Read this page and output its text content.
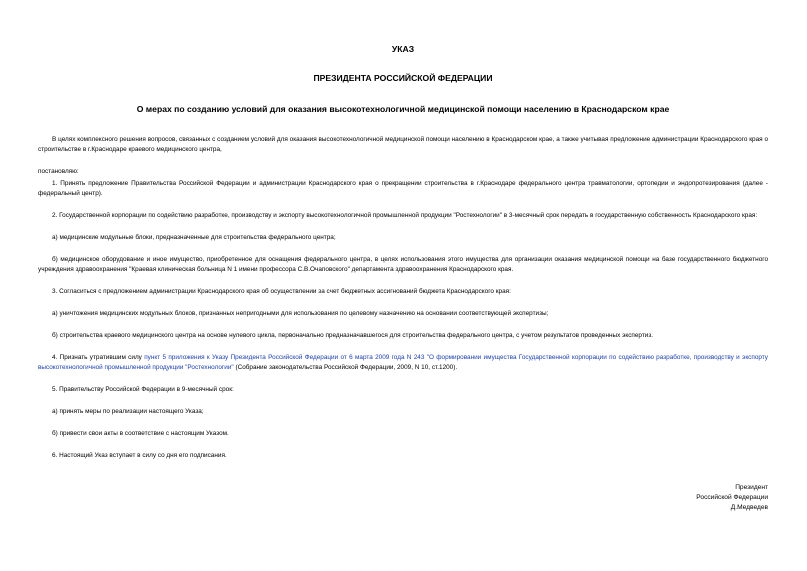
УКАЗ

ПРЕЗИДЕНТА РОССИЙСКОЙ ФЕДЕРАЦИИ

О мерах по созданию условий для оказания высокотехнологичной медицинской помощи населению в Краснодарском крае

В целях комплексного решения вопросов, связанных с созданием условий для оказания высокотехнологичной медицинской помощи населению в Краснодарском крае, а также учитывая предложение администрации Краснодарского края о строительстве в г.Краснодаре краевого медицинского центра,

постановляю:

1. Принять предложение Правительства Российской Федерации и администрации Краснодарского края о прекращении строительства в г.Краснодаре федерального центра травматологии, ортопедии и эндопротезирования (далее - федеральный центр).

2. Государственной корпорации по содействию разработке, производству и экспорту высокотехнологичной промышленной продукции "Ростехнологии" в 3-месячный срок передать в государственную собственность Краснодарского края:

а) медицинские модульные блоки, предназначенные для строительства федерального центра;

б) медицинское оборудование и иное имущество, приобретенное для оснащения федерального центра, в целях использования этого имущества для организации оказания медицинской помощи на базе государственного бюджетного учреждения здравоохранения "Краевая клиническая больница N 1 имени профессора С.В.Очаповского" департамента здравоохранения Краснодарского края.

3. Согласиться с предложением администрации Краснодарского края об осуществлении за счет бюджетных ассигнований бюджета Краснодарского края:

а) уничтожения медицинских модульных блоков, признанных непригодными для использования по целевому назначению на основании соответствующей экспертизы;

б) строительства краевого медицинского центра на основе нулевого цикла, первоначально предназначавшегося для строительства федерального центра, с учетом результатов проведенных экспертиз.

4. Признать утратившим силу пункт 5 приложения к Указу Президента Российской Федерации от 6 марта 2009 года N 243 "О формировании имущества Государственной корпорации по содействию разработке, производству и экспорту высокотехнологичной промышленной продукции "Ростехнологии" (Собрание законодательства Российской Федерации, 2009, N 10, ст.1200).

5. Правительству Российской Федерации в 9-месячный срок:

а) принять меры по реализации настоящего Указа;

б) привести свои акты в соответствие с настоящим Указом.

6. Настоящий Указ вступает в силу со дня его подписания.

Президент
Российской Федерации
Д.Медведев
